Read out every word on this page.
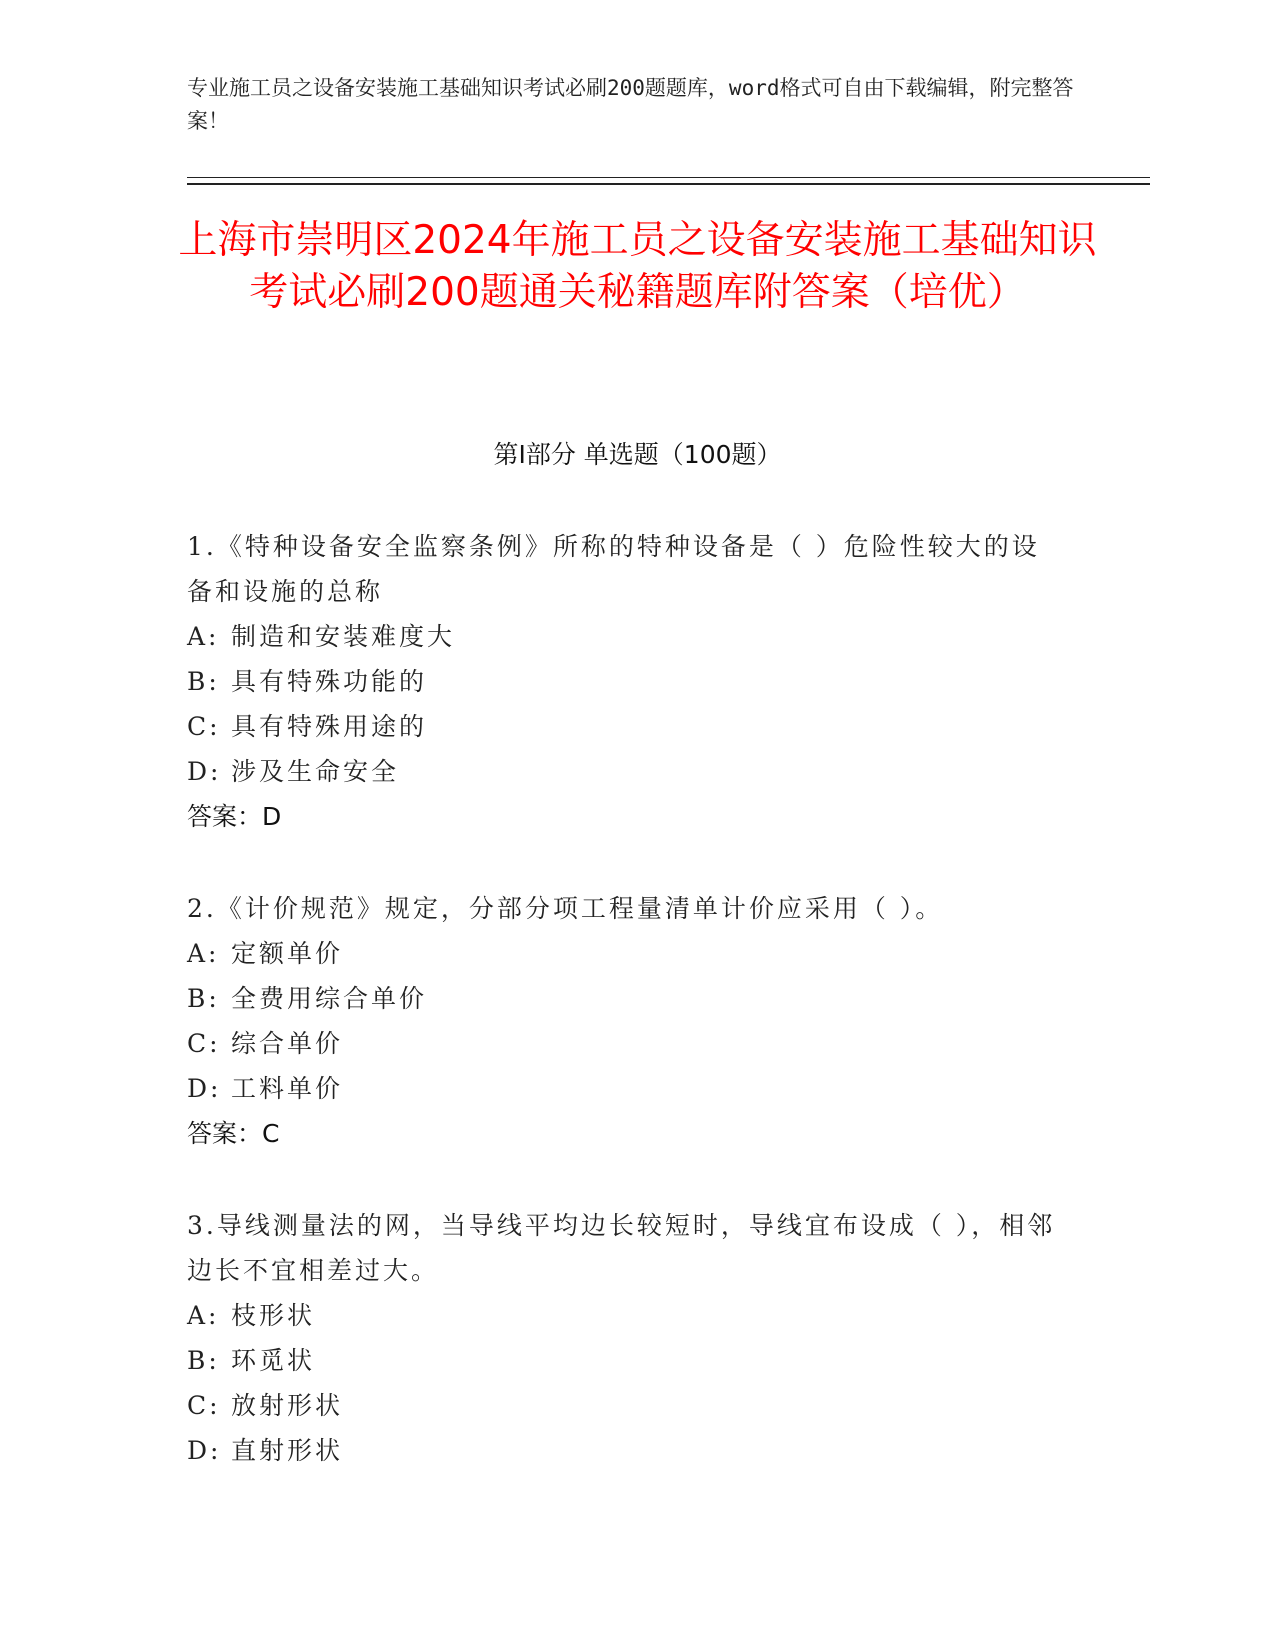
专业施工员之设备安装施工基础知识考试必刷200题题库，word格式可自由下载编辑，附完整答案！
上海市崇明区2024年施工员之设备安装施工基础知识考试必刷200题通关秘籍题库附答案（培优）
第Ⅰ部分 单选题（100题）
1.《特种设备安全监察条例》所称的特种设备是（ ）危险性较大的设备和设施的总称
A: 制造和安装难度大
B: 具有特殊功能的
C: 具有特殊用途的
D: 涉及生命安全
答案：D
2.《计价规范》规定，分部分项工程量清单计价应采用（ ）。
A: 定额单价
B: 全费用综合单价
C: 综合单价
D: 工料单价
答案：C
3.导线测量法的网，当导线平均边长较短时，导线宜布设成（ ），相邻边长不宜相差过大。
A: 枝形状
B: 环觅状
C: 放射形状
D: 直射形状
